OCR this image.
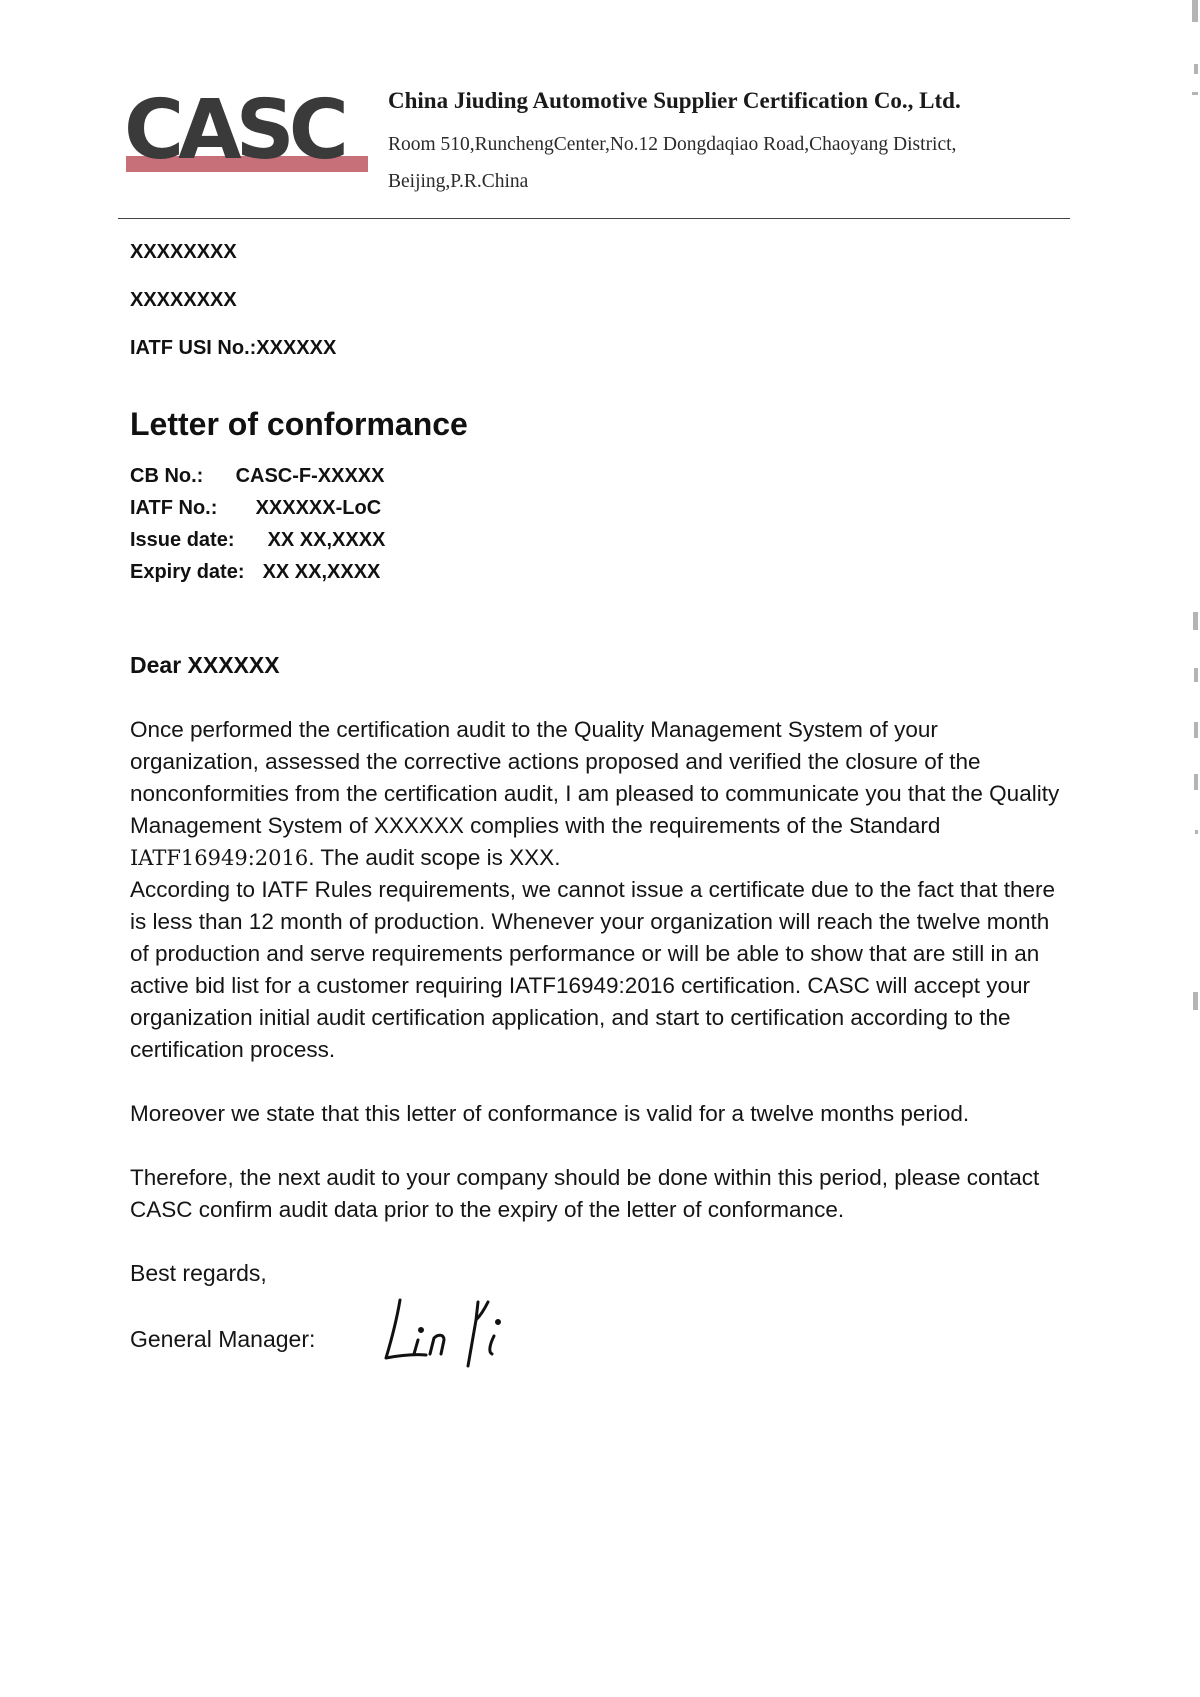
CASC China Jiuding Automotive Supplier Certification Co., Ltd.
Room 510,RunchengCenter,No.12 Dongdaqiao Road,Chaoyang District,
Beijing,P.R.China
XXXXXXXX
XXXXXXXX
IATF USI No.:XXXXXX
Letter of conformance
CB No.: CASC-F-XXXXX
IATF No.: XXXXXX-LoC
Issue date: XX XX,XXXX
Expiry date: XX XX,XXXX
Dear XXXXXX

Once performed the certification audit to the Quality Management System of your organization, assessed the corrective actions proposed and verified the closure of the nonconformities from the certification audit, I am pleased to communicate you that the Quality Management System of XXXXXX complies with the requirements of the Standard IATF16949:2016. The audit scope is XXX.

According to IATF Rules requirements, we cannot issue a certificate due to the fact that there is less than 12 month of production. Whenever your organization will reach the twelve month of production and serve requirements performance or will be able to show that are still in an active bid list for a customer requiring IATF16949:2016 certification. CASC will accept your organization initial audit certification application, and start to certification according to the certification process.

Moreover we state that this letter of conformance is valid for a twelve months period.

Therefore, the next audit to your company should be done within this period, please contact CASC confirm audit data prior to the expiry of the letter of conformance.

Best regards,
General Manager:
